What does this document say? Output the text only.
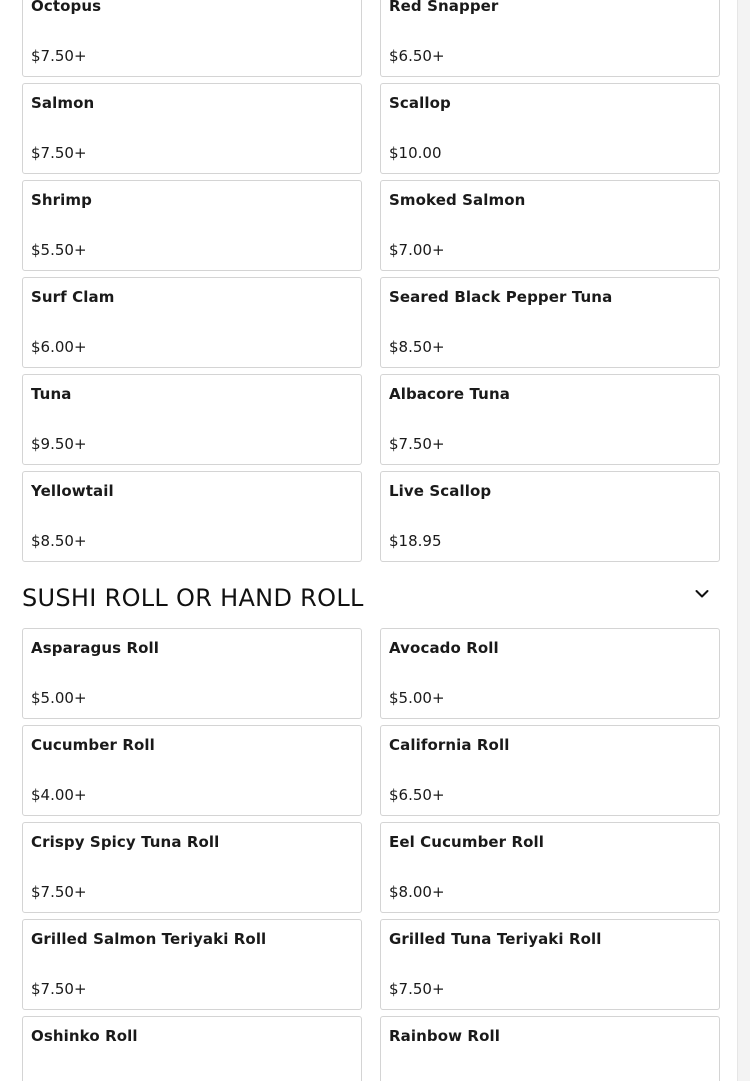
Octopus
$7.50+
Red Snapper
$6.50+
Salmon
$7.50+
Scallop
$10.00
Shrimp
$5.50+
Smoked Salmon
$7.00+
Surf Clam
$6.00+
Seared Black Pepper Tuna
$8.50+
Tuna
$9.50+
Albacore Tuna
$7.50+
Yellowtail
$8.50+
Live Scallop
$18.95
SUSHI ROLL OR HAND ROLL
Asparagus Roll
$5.00+
Avocado Roll
$5.00+
Cucumber Roll
$4.00+
California Roll
$6.50+
Crispy Spicy Tuna Roll
$7.50+
Eel Cucumber Roll
$8.00+
Grilled Salmon Teriyaki Roll
$7.50+
Grilled Tuna Teriyaki Roll
$7.50+
Oshinko Roll	Rainbow Roll
